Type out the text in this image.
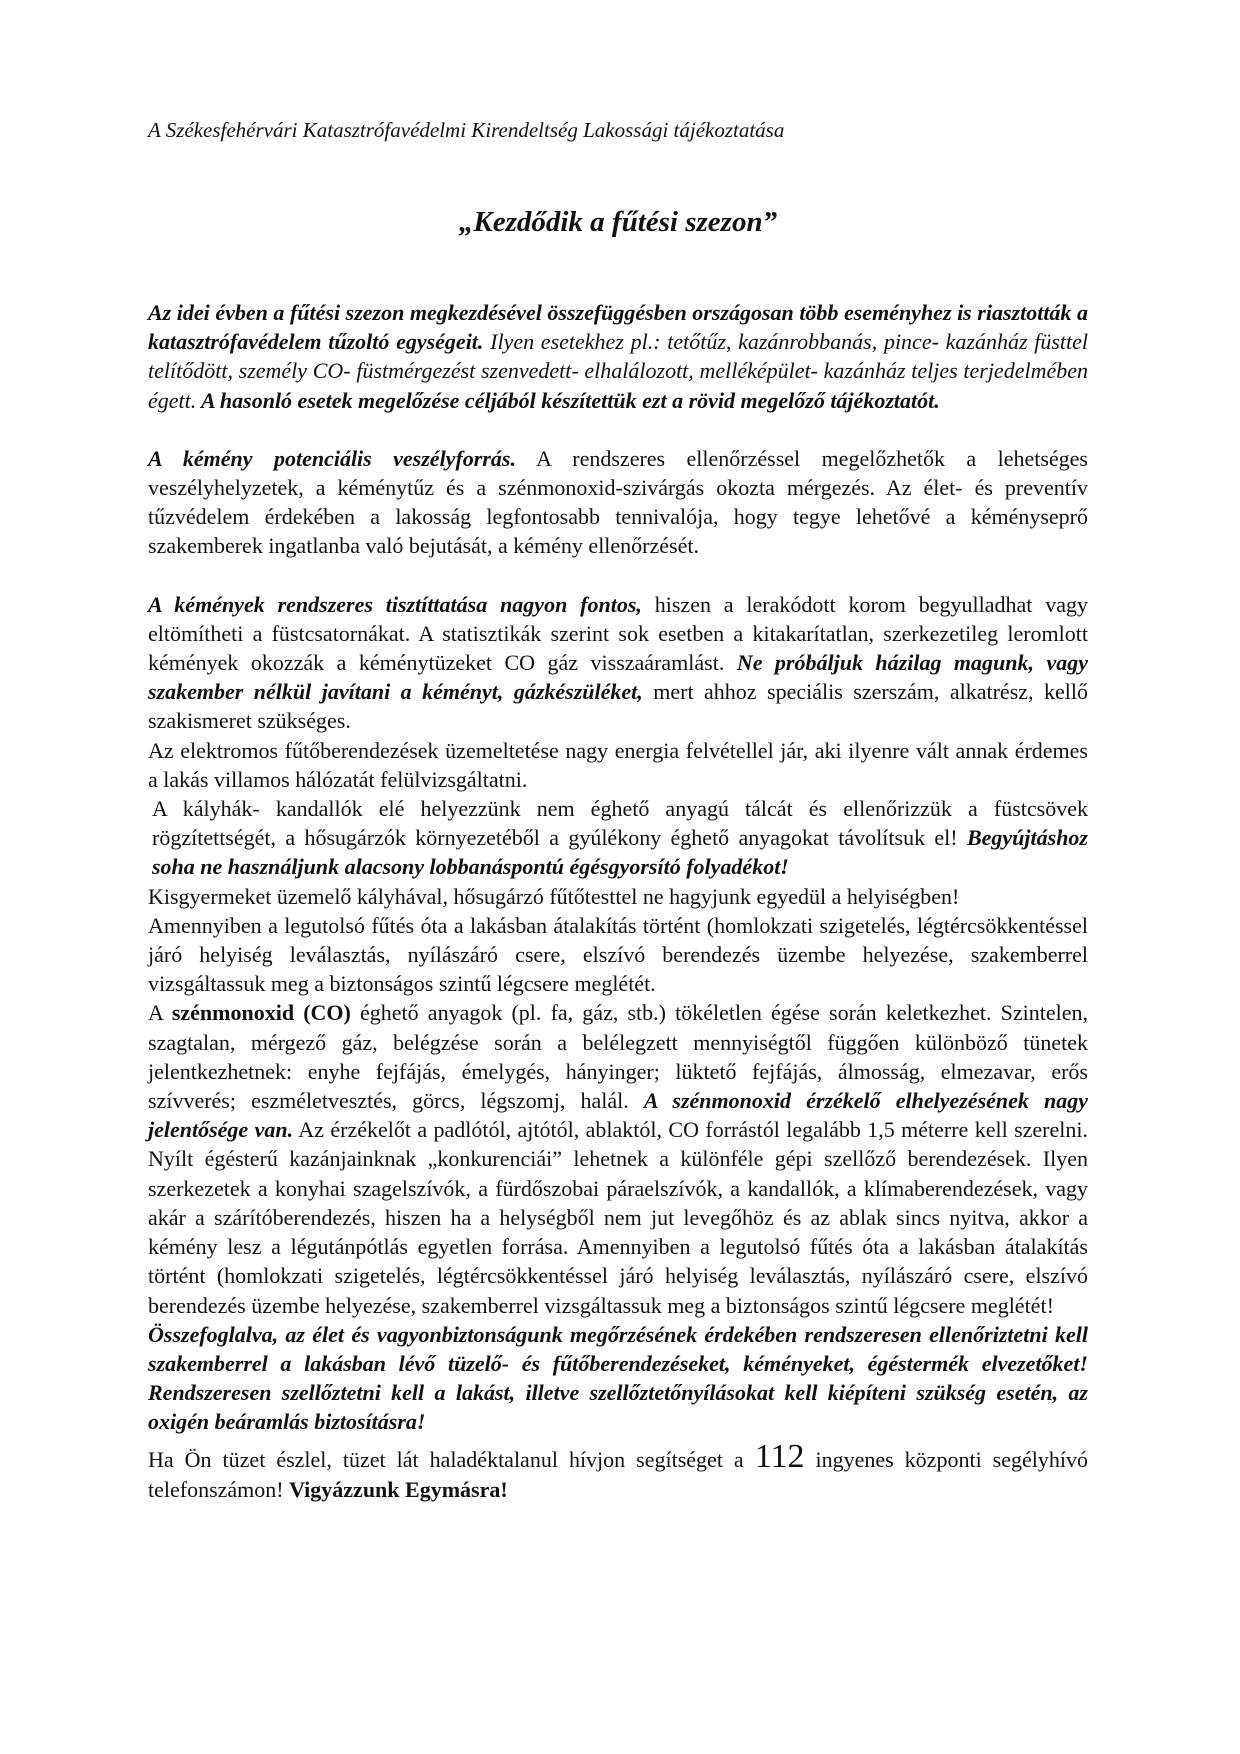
A Székesfehérvári Katasztrófavédelmi Kirendeltség Lakossági tájékoztatása

„Kezdődik a fűtési szezon”

Az idei évben a fűtési szezon megkezdésével összefüggésben országosan több eseményhez is riasztották a katasztrófavédelem tűzoltó egységeit. Ilyen esetekhez pl.: tetőtűz, kazánrobbanás, pince- kazánház füsttel telítődött, személy CO- füstmérgezést szenvedett- elhalálozott, melléképület- kazánház teljes terjedelmében égett. A hasonló esetek megelőzése céljából készítettük ezt a rövid megelőző tájékoztatót.

A kémény potenciális veszélyforrás. A rendszeres ellenőrzéssel megelőzhetők a lehetséges veszélyhelyzetek, a kéménytűz és a szénmonoxid-szivárgás okozta mérgezés. Az élet- és preventív tűzvédelem érdekében a lakosság legfontosabb tennivalója, hogy tegye lehetővé a kéményseprő szakemberek ingatlanba való bejutását, a kémény ellenőrzését.

A kémények rendszeres tisztíttatása nagyon fontos, hiszen a lerakódott korom begyulladhat vagy eltömítheti a füstcsatornákat. A statisztikák szerint sok esetben a kitakarítatlan, szerkezetileg leromlott kémények okozzák a kéménytüzeket CO gáz visszaáramlást. Ne próbáljuk házilag magunk, vagy szakember nélkül javítani a kéményt, gázkészüléket, mert ahhoz speciális szerszám, alkatrész, kellő szakismeret szükséges.

Az elektromos fűtőberendezések üzemeltetése nagy energia felvétellel jár, aki ilyenre vált annak érdemes a lakás villamos hálózatát felülvizsgáltatni.

A kályhák- kandallók elé helyezzünk nem éghető anyagú tálcát és ellenőrizzük a füstcsövek rögzítettségét, a hősugárzók környezetéből a gyúlékony éghető anyagokat távolítsuk el! Begyújtáshoz soha ne használjunk alacsony lobbanáspontú égésgyorsító folyadékot!

Kisgyermeket üzemelő kályhával, hősugárzó fűtőtesttel ne hagyjunk egyedül a helyiségben!

Amennyiben a legutolsó fűtés óta a lakásban átalakítás történt (homlokzati szigetelés, légtércsökkentéssel járó helyiség leválasztás, nyílászáró csere, elszívó berendezés üzembe helyezése, szakemberrel vizsgáltassuk meg a biztonságos szintű légcsere meglétét.

A szénmonoxid (CO) éghető anyagok (pl. fa, gáz, stb.) tökéletlen égése során keletkezhet. Szintelen, szagtalan, mérgező gáz, belégzése során a belélegzett mennyiségtől függően különböző tünetek jelentkezhetnek: enyhe fejfájás, émelygés, hányinger; lüktető fejfájás, álmosság, elmezavar, erős szívverés; eszméletvesztés, görcs, légszomj, halál. A szénmonoxid érzékelő elhelyezésének nagy jelentősége van. Az érzékelőt a padlótól, ajtótól, ablaktól, CO forrástól legalább 1,5 méterre kell szerelni. Nyílt égésterű kazánjainknak „konkurenciái” lehetnek a különféle gépi szellőző berendezések. Ilyen szerkezetek a konyhai szagelszívók, a fürdőszobai páraelszívók, a kandallók, a klímaberendezések, vagy akár a szárítóberendezés, hiszen ha a helységből nem jut levegőhöz és az ablak sincs nyitva, akkor a kémény lesz a légutánpótlás egyetlen forrása. Amennyiben a legutolsó fűtés óta a lakásban átalakítás történt (homlokzati szigetelés, légtércsökkentéssel járó helyiség leválasztás, nyílászáró csere, elszívó berendezés üzembe helyezése, szakemberrel vizsgáltassuk meg a biztonságos szintű légcsere meglétét!

Összefoglalva, az élet és vagyonbiztonságunk megőrzésének érdekében rendszeresen ellenőriztetni kell szakemberrel a lakásban lévő tüzelő- és fűtőberendezéseket, kéményeket, égéstermék elvezetőket! Rendszeresen szellőztetni kell a lakást, illetve szellőztetőnyílásokat kell kiépíteni szükség esetén, az oxigén beáramlás biztosításra!

Ha Ön tüzet észlel, tüzet lát haladéktalanul hívjon segítséget a 112 ingyenes központi segélyhívó telefonszámon! Vigyázzunk Egymásra!
